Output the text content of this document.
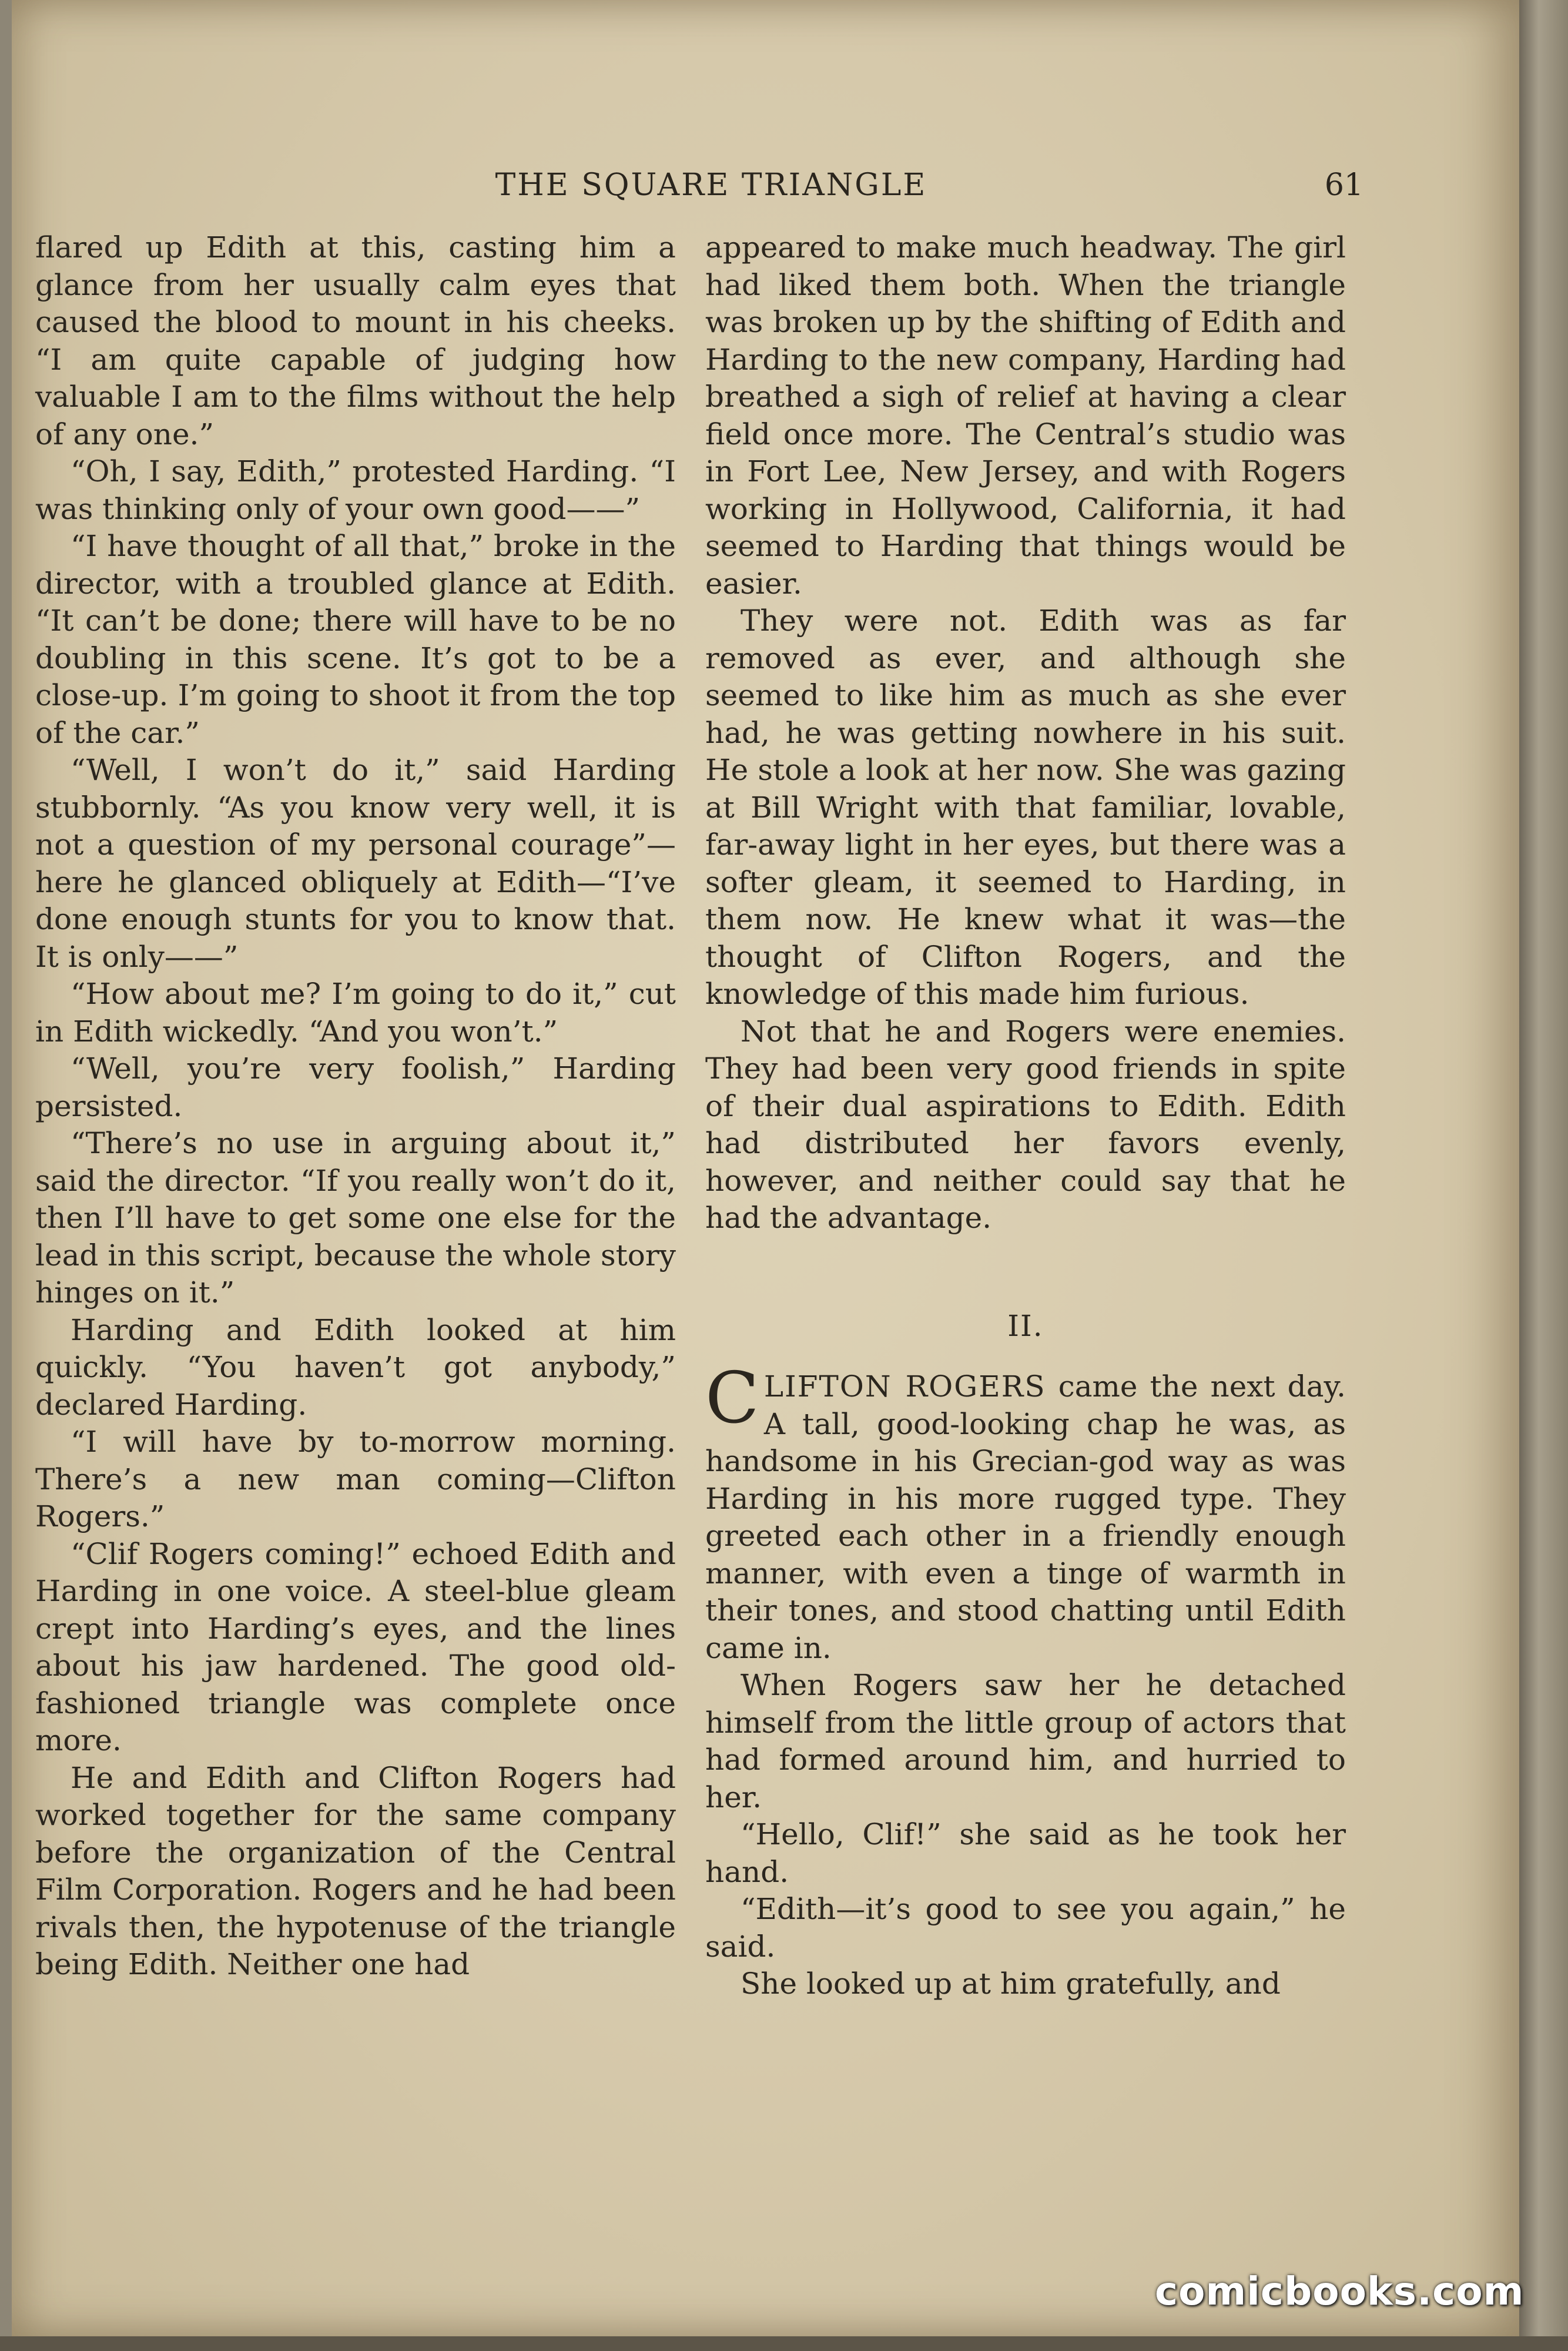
THE SQUARE TRIANGLE	61

flared up Edith at this, casting him a glance from her usually calm eyes that caused the blood to mount in his cheeks. “I am quite capable of judging how valuable I am to the films without the help of any one.”

“Oh, I say, Edith,” protested Harding. “I was thinking only of your own good——”

“I have thought of all that,” broke in the director, with a troubled glance at Edith. “It can’t be done; there will have to be no doubling in this scene. It’s got to be a close-up. I’m going to shoot it from the top of the car.”

“Well, I won’t do it,” said Harding stubbornly. “As you know very well, it is not a question of my personal courage”—here he glanced obliquely at Edith—“I’ve done enough stunts for you to know that. It is only——”

“How about me? I’m going to do it,” cut in Edith wickedly. “And you won’t.”

“Well, you’re very foolish,” Harding persisted.

“There’s no use in arguing about it,” said the director. “If you really won’t do it, then I’ll have to get some one else for the lead in this script, because the whole story hinges on it.”

Harding and Edith looked at him quickly. “You haven’t got anybody,” declared Harding.

“I will have by to-morrow morning. There’s a new man coming—Clifton Rogers.”

“Clif Rogers coming!” echoed Edith and Harding in one voice. A steel-blue gleam crept into Harding’s eyes, and the lines about his jaw hardened. The good old-fashioned triangle was complete once more.

He and Edith and Clifton Rogers had worked together for the same company before the organization of the Central Film Corporation. Rogers and he had been rivals then, the hypotenuse of the triangle being Edith. Neither one had

appeared to make much headway. The girl had liked them both. When the triangle was broken up by the shifting of Edith and Harding to the new company, Harding had breathed a sigh of relief at having a clear field once more. The Central’s studio was in Fort Lee, New Jersey, and with Rogers working in Hollywood, California, it had seemed to Harding that things would be easier.

They were not. Edith was as far removed as ever, and although she seemed to like him as much as she ever had, he was getting nowhere in his suit. He stole a look at her now. She was gazing at Bill Wright with that familiar, lovable, far-away light in her eyes, but there was a softer gleam, it seemed to Harding, in them now. He knew what it was—the thought of Clifton Rogers, and the knowledge of this made him furious.

Not that he and Rogers were enemies. They had been very good friends in spite of their dual aspirations to Edith. Edith had distributed her favors evenly, however, and neither could say that he had the advantage.

II.

CLIFTON ROGERS came the next day. A tall, good-looking chap he was, as handsome in his Grecian-god way as was Harding in his more rugged type. They greeted each other in a friendly enough manner, with even a tinge of warmth in their tones, and stood chatting until Edith came in.

When Rogers saw her he detached himself from the little group of actors that had formed around him, and hurried to her.

“Hello, Clif!” she said as he took her hand.

“Edith—it’s good to see you again,” he said.

She looked up at him gratefully, and

comicbooks.com
